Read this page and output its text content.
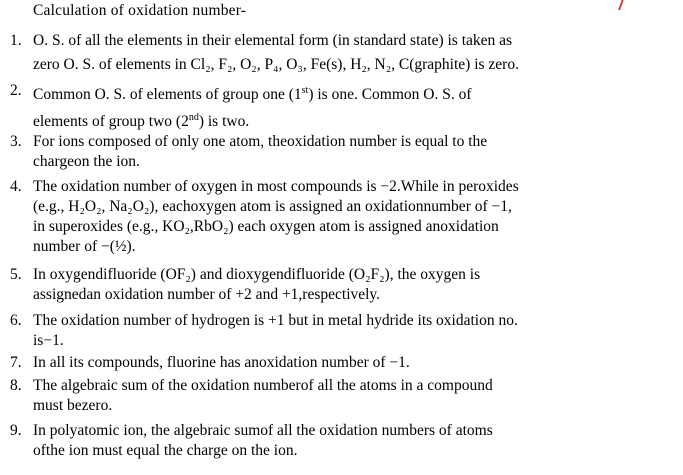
Calculation of oxidation number-
1. O. S. of all the elements in their elemental form (in standard state) is taken as
zero O. S. of elements in Cl₂, F₂, O₂, P₄, O₃, Fe(s), H₂, N₂, C(graphite) is zero.
2. Common O. S. of elements of group one (1st) is one. Common O. S. of
elements of group two (2nd) is two.
3. For ions composed of only one atom, theoxidation number is equal to the
chargeon the ion.
4. The oxidation number of oxygen in most compounds is −2.While in peroxides
(e.g., H₂O₂, Na₂O₂), eachoxygen atom is assigned an oxidationnumber of −1,
in superoxides (e.g., KO₂,RbO₂) each oxygen atom is assigned anoxidation
number of −(½).
5. In oxygendifluoride (OF₂) and dioxygendifluoride (O₂F₂), the oxygen is
assignedan oxidation number of +2 and +1,respectively.
6. The oxidation number of hydrogen is +1 but in metal hydride its oxidation no.
is−1.
7. In all its compounds, fluorine has anoxidation number of −1.
8. The algebraic sum of the oxidation numberof all the atoms in a compound
must bezero.
9. In polyatomic ion, the algebraic sumof all the oxidation numbers of atoms
ofthe ion must equal the charge on the ion.
